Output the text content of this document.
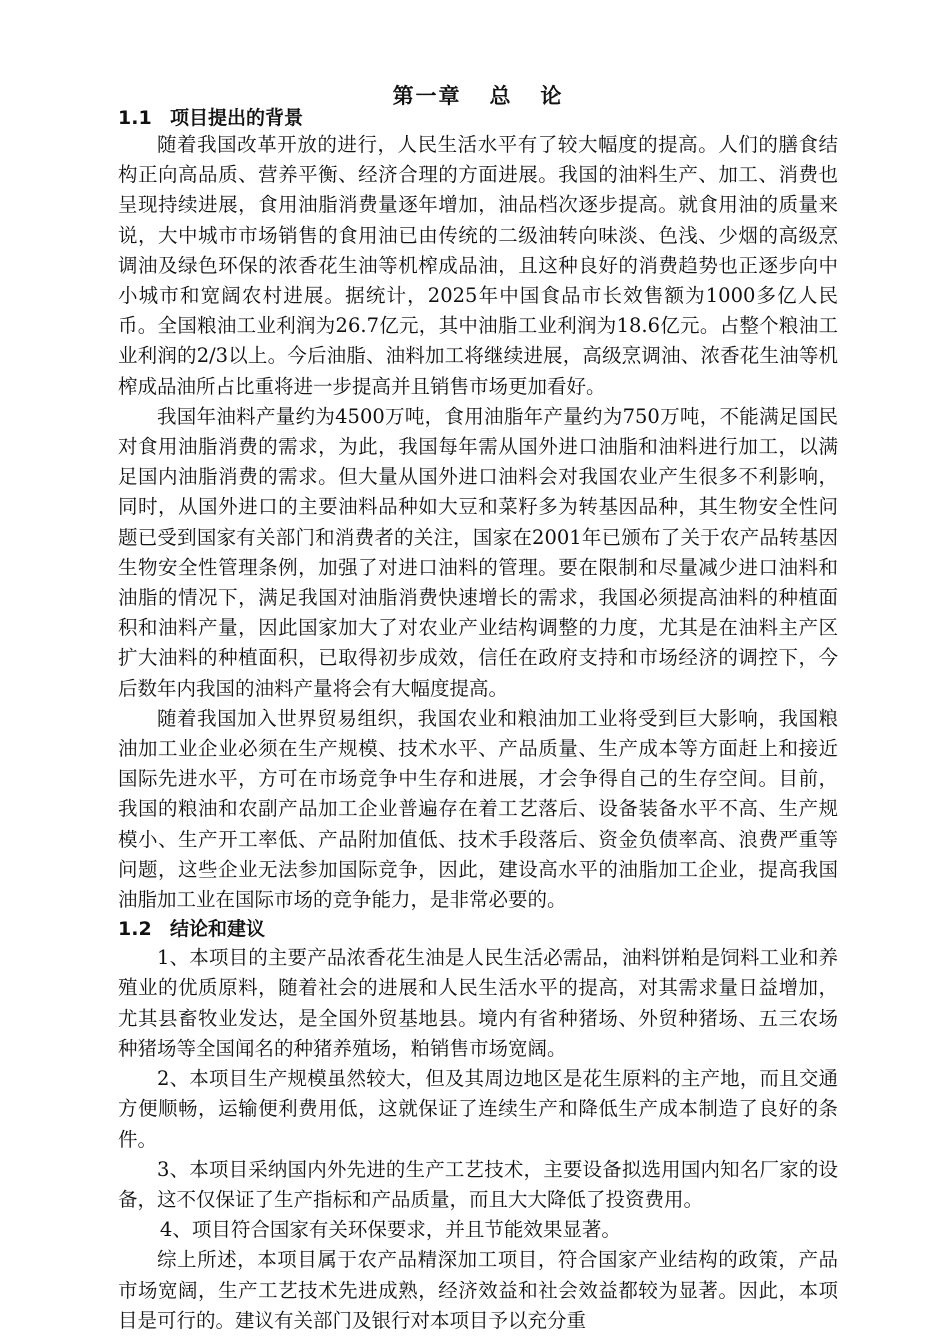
第一章   总   论
1.1 项目提出的背景

随着我国改革开放的进行，人民生活水平有了较大幅度的提高。人们的膳食结构正向高品质、营养平衡、经济合理的方面进展。我国的油料生产、加工、消费也呈现持续进展，食用油脂消费量逐年增加，油品档次逐步提高。就食用油的质量来说，大中城市市场销售的食用油已由传统的二级油转向味淡、色浅、少烟的高级烹调油及绿色环保的浓香花生油等机榨成品油，且这种良好的消费趋势也正逐步向中小城市和宽阔农村进展。据统计，2025年中国食品市长效售额为1000多亿人民币。全国粮油工业利润为26.7亿元，其中油脂工业利润为18.6亿元。占整个粮油工业利润的2/3以上。今后油脂、油料加工将继续进展，高级烹调油、浓香花生油等机榨成品油所占比重将进一步提高并且销售市场更加看好。

我国年油料产量约为4500万吨，食用油脂年产量约为750万吨，不能满足国民对食用油脂消费的需求，为此，我国每年需从国外进口油脂和油料进行加工，以满足国内油脂消费的需求。但大量从国外进口油料会对我国农业产生很多不利影响，同时，从国外进口的主要油料品种如大豆和菜籽多为转基因品种，其生物安全性问题已受到国家有关部门和消费者的关注，国家在2001年已颁布了关于农产品转基因生物安全性管理条例，加强了对进口油料的管理。要在限制和尽量减少进口油料和油脂的情况下，满足我国对油脂消费快速增长的需求，我国必须提高油料的种植面积和油料产量，因此国家加大了对农业产业结构调整的力度，尤其是在油料主产区扩大油料的种植面积，已取得初步成效，信任在政府支持和市场经济的调控下，今后数年内我国的油料产量将会有大幅度提高。

随着我国加入世界贸易组织，我国农业和粮油加工业将受到巨大影响，我国粮油加工业企业必须在生产规模、技术水平、产品质量、生产成本等方面赶上和接近国际先进水平，方可在市场竞争中生存和进展，才会争得自己的生存空间。目前，我国的粮油和农副产品加工企业普遍存在着工艺落后、设备装备水平不高、生产规模小、生产开工率低、产品附加值低、技术手段落后、资金负债率高、浪费严重等问题，这些企业无法参加国际竞争，因此，建设高水平的油脂加工企业，提高我国油脂加工业在国际市场的竞争能力，是非常必要的。

1.2 结论和建议

1、本项目的主要产品浓香花生油是人民生活必需品，油料饼粕是饲料工业和养殖业的优质原料，随着社会的进展和人民生活水平的提高，对其需求量日益增加，尤其县畜牧业发达，是全国外贸基地县。境内有省种猪场、外贸种猪场、五三农场种猪场等全国闻名的种猪养殖场，粕销售市场宽阔。

2、本项目生产规模虽然较大，但及其周边地区是花生原料的主产地，而且交通方便顺畅，运输便利费用低，这就保证了连续生产和降低生产成本制造了良好的条件。

3、本项目采纳国内外先进的生产工艺技术，主要设备拟选用国内知名厂家的设备，这不仅保证了生产指标和产品质量，而且大大降低了投资费用。

4、项目符合国家有关环保要求，并且节能效果显著。

综上所述，本项目属于农产品精深加工项目，符合国家产业结构的政策，产品市场宽阔，生产工艺技术先进成熟，经济效益和社会效益都较为显著。因此，本项目是可行的。建议有关部门及银行对本项目予以充分重
